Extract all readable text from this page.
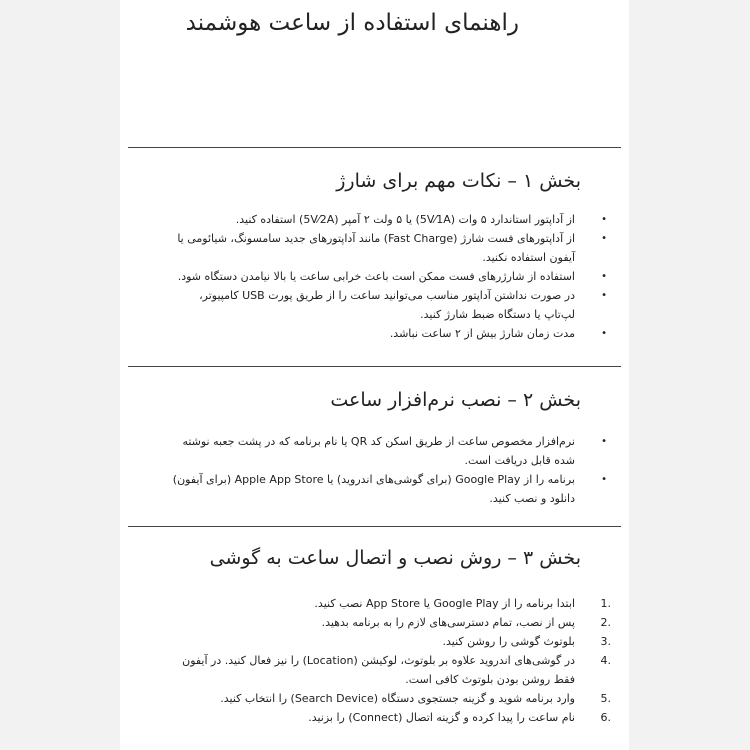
راهنمای استفاده از ساعت هوشمند
بخش ۱ – نکات مهم برای شارژ
• از آداپتور استاندارد ۵ وات (5V⁄1A) یا ۵ ولت ۲ آمپر (5V⁄2A) استفاده کنید.
• از آداپتورهای فست شارژ (Fast Charge) مانند آداپتورهای جدید سامسونگ، شیائومی یا آیفون استفاده نکنید.
• استفاده از شارژرهای فست ممکن است باعث خرابی ساعت یا بالا نیامدن دستگاه شود.
• در صورت نداشتن آداپتور مناسب می‌توانید ساعت را از طریق پورت USB کامپیوتر، لپ‌تاپ یا دستگاه ضبط شارژ کنید.
• مدت زمان شارژ بیش از ۲ ساعت نباشد.
بخش ۲ – نصب نرم‌افزار ساعت
• نرم‌افزار مخصوص ساعت از طریق اسکن کد QR یا نام برنامه که در پشت جعبه نوشته شده قابل دریافت است.
• برنامه را از Google Play (برای گوشی‌های اندروید) یا Apple App Store (برای آیفون) دانلود و نصب کنید.
بخش ۳ – روش نصب و اتصال ساعت به گوشی
1.
ابتدا برنامه را از Google Play یا App Store نصب کنید.
2.
پس از نصب، تمام دسترسی‌های لازم را به برنامه بدهید.
3.
بلوتوث گوشی را روشن کنید.
4.
در گوشی‌های اندروید علاوه بر بلوتوث، لوکیشن (Location) را نیز فعال کنید. در آیفون فقط روشن بودن بلوتوث کافی است.
5.
وارد برنامه شوید و گزینه جستجوی دستگاه (Search Device) را انتخاب کنید.
6.
نام ساعت را پیدا کرده و گزینه اتصال (Connect) را بزنید.
